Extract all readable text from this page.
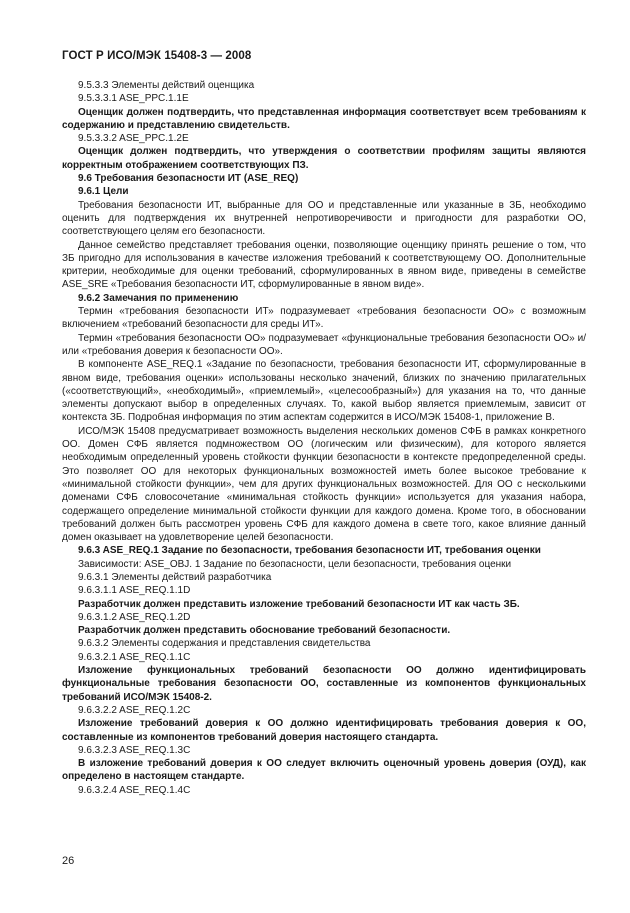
ГОСТ Р ИСО/МЭК 15408-3 — 2008
9.5.3.3 Элементы действий оценщика
9.5.3.3.1 ASE_PPC.1.1E
Оценщик должен подтвердить, что представленная информация соответствует всем требованиям к содержанию и представлению свидетельств.
9.5.3.3.2 ASE_PPC.1.2E
Оценщик должен подтвердить, что утверждения о соответствии профилям защиты являются корректным отображением соответствующих ПЗ.
9.6 Требования безопасности ИТ (ASE_REQ)
9.6.1 Цели
Требования безопасности ИТ, выбранные для ОО и представленные или указанные в ЗБ, необходимо оценить для подтверждения их внутренней непротиворечивости и пригодности для разработки ОО, соответствующего целям его безопасности.
Данное семейство представляет требования оценки, позволяющие оценщику принять решение о том, что ЗБ пригодно для использования в качестве изложения требований к соответствующему ОО. Дополнительные критерии, необходимые для оценки требований, сформулированных в явном виде, приведены в семействе ASE_SRE «Требования безопасности ИТ, сформулированные в явном виде».
9.6.2 Замечания по применению
Термин «требования безопасности ИТ» подразумевает «требования безопасности ОО» с возможным включением «требований безопасности для среды ИТ».
Термин «требования безопасности ОО» подразумевает «функциональные требования безопасности ОО» и/или «требования доверия к безопасности ОО».
В компоненте ASE_REQ.1 «Задание по безопасности, требования безопасности ИТ, сформулированные в явном виде, требования оценки» использованы несколько значений, близких по значению прилагательных («соответствующий», «необходимый», «приемлемый», «целесообразный») для указания на то, что данные элементы допускают выбор в определенных случаях. То, какой выбор является приемлемым, зависит от контекста ЗБ. Подробная информация по этим аспектам содержится в ИСО/МЭК 15408-1, приложение В.
ИСО/МЭК 15408 предусматривает возможность выделения нескольких доменов СФБ в рамках конкретного ОО. Домен СФБ является подмножеством ОО (логическим или физическим), для которого является необходимым определенный уровень стойкости функции безопасности в контексте предопределенной среды. Это позволяет ОО для некоторых функциональных возможностей иметь более высокое требование к «минимальной стойкости функции», чем для других функциональных возможностей. Для ОО с несколькими доменами СФБ словосочетание «минимальная стойкость функции» используется для указания набора, содержащего определение минимальной стойкости функции для каждого домена. Кроме того, в обосновании требований должен быть рассмотрен уровень СФБ для каждого домена в свете того, какое влияние данный домен оказывает на удовлетворение целей безопасности.
9.6.3 ASE_REQ.1 Задание по безопасности, требования безопасности ИТ, требования оценки
Зависимости: ASE_OBJ. 1 Задание по безопасности, цели безопасности, требования оценки
9.6.3.1 Элементы действий разработчика
9.6.3.1.1 ASE_REQ.1.1D
Разработчик должен представить изложение требований безопасности ИТ как часть ЗБ.
9.6.3.1.2 ASE_REQ.1.2D
Разработчик должен представить обоснование требований безопасности.
9.6.3.2 Элементы содержания и представления свидетельства
9.6.3.2.1 ASE_REQ.1.1C
Изложение функциональных требований безопасности ОО должно идентифицировать функциональные требования безопасности ОО, составленные из компонентов функциональных требований ИСО/МЭК 15408-2.
9.6.3.2.2 ASE_REQ.1.2C
Изложение требований доверия к ОО должно идентифицировать требования доверия к ОО, составленные из компонентов требований доверия настоящего стандарта.
9.6.3.2.3 ASE_REQ.1.3C
В изложение требований доверия к ОО следует включить оценочный уровень доверия (ОУД), как определено в настоящем стандарте.
9.6.3.2.4 ASE_REQ.1.4C
26
